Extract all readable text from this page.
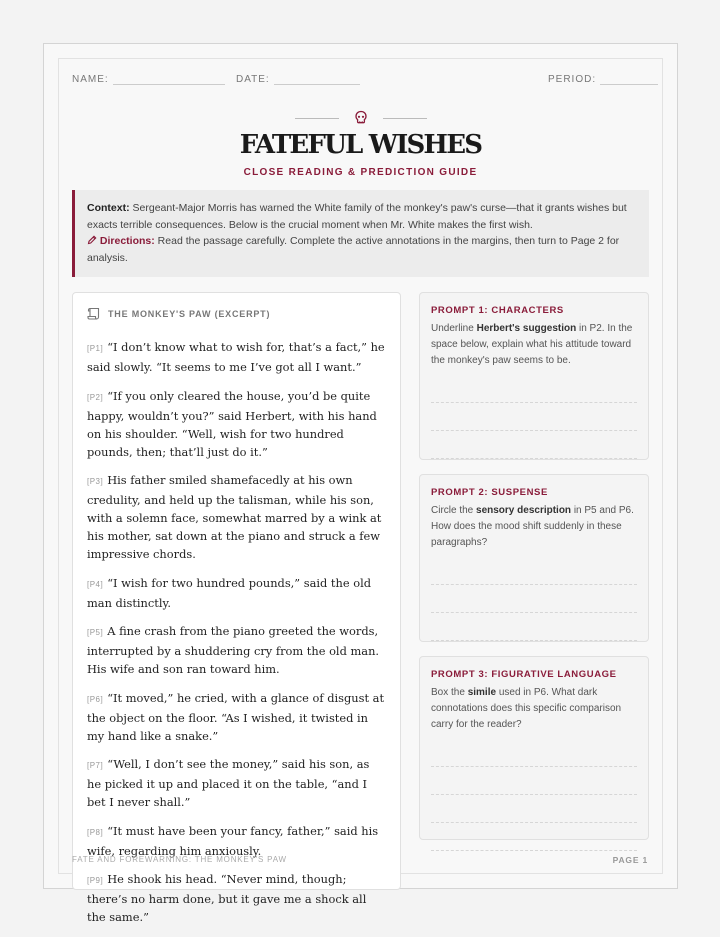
NAME:	DATE:	PERIOD:
FATEFUL WISHES
CLOSE READING & PREDICTION GUIDE
Context: Sergeant-Major Morris has warned the White family of the monkey's paw's curse—that it grants wishes but exacts terrible consequences. Below is the crucial moment when Mr. White makes the first wish.
Directions: Read the passage carefully. Complete the active annotations in the margins, then turn to Page 2 for analysis.
THE MONKEY'S PAW (EXCERPT)

[P1] “I don’t know what to wish for, that’s a fact,” he said slowly. “It seems to me I’ve got all I want.”

[P2] “If you only cleared the house, you’d be quite happy, wouldn’t you?” said Herbert, with his hand on his shoulder. “Well, wish for two hundred pounds, then; that’ll just do it.”

[P3] His father smiled shamefacedly at his own credulity, and held up the talisman, while his son, with a solemn face, somewhat marred by a wink at his mother, sat down at the piano and struck a few impressive chords.

[P4] “I wish for two hundred pounds,” said the old man distinctly.

[P5] A fine crash from the piano greeted the words, interrupted by a shuddering cry from the old man. His wife and son ran toward him.

[P6] “It moved,” he cried, with a glance of disgust at the object on the floor. “As I wished, it twisted in my hand like a snake.”

[P7] “Well, I don’t see the money,” said his son, as he picked it up and placed it on the table, “and I bet I never shall.”

[P8] “It must have been your fancy, father,” said his wife, regarding him anxiously.

[P9] He shook his head. “Never mind, though; there’s no harm done, but it gave me a shock all the same.”

PROMPT 1: CHARACTERS
Underline Herbert's suggestion in P2. In the space below, explain what his attitude toward the monkey's paw seems to be.
PROMPT 2: SUSPENSE
Circle the sensory description in P5 and P6. How does the mood shift suddenly in these paragraphs?
PROMPT 3: FIGURATIVE LANGUAGE
Box the simile used in P6. What dark connotations does this specific comparison carry for the reader?
FATE AND FOREWARNING: THE MONKEY'S PAW	PAGE 1
